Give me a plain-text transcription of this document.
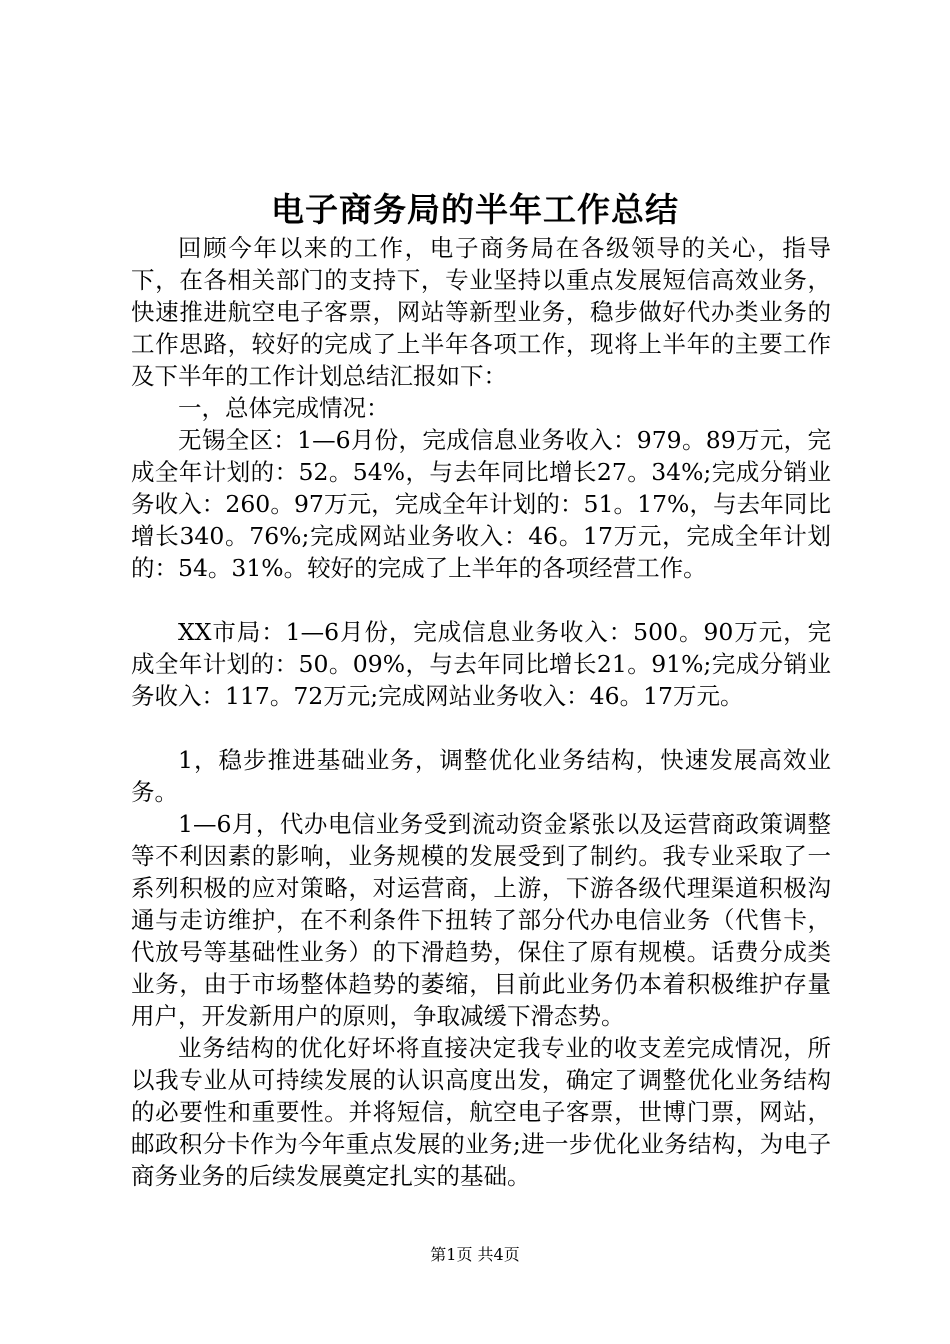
电子商务局的半年工作总结

回顾今年以来的工作，电子商务局在各级领导的关心，指导下，在各相关部门的支持下，专业坚持以重点发展短信高效业务，快速推进航空电子客票，网站等新型业务，稳步做好代办类业务的工作思路，较好的完成了上半年各项工作，现将上半年的主要工作及下半年的工作计划总结汇报如下：

一，总体完成情况：

无锡全区：1—6月份，完成信息业务收入：979。89万元，完成全年计划的：52。54%，与去年同比增长27。34%;完成分销业务收入：260。97万元，完成全年计划的：51。17%，与去年同比增长340。76%;完成网站业务收入：46。17万元，完成全年计划的：54。31%。较好的完成了上半年的各项经营工作。

XX市局：1—6月份，完成信息业务收入：500。90万元，完成全年计划的：50。09%，与去年同比增长21。91%;完成分销业务收入：117。72万元;完成网站业务收入：46。17万元。

1，稳步推进基础业务，调整优化业务结构，快速发展高效业务。

1—6月，代办电信业务受到流动资金紧张以及运营商政策调整等不利因素的影响，业务规模的发展受到了制约。我专业采取了一系列积极的应对策略，对运营商，上游，下游各级代理渠道积极沟通与走访维护，在不利条件下扭转了部分代办电信业务（代售卡，代放号等基础性业务）的下滑趋势，保住了原有规模。话费分成类业务，由于市场整体趋势的萎缩，目前此业务仍本着积极维护存量用户，开发新用户的原则，争取减缓下滑态势。

业务结构的优化好坏将直接决定我专业的收支差完成情况，所以我专业从可持续发展的认识高度出发，确定了调整优化业务结构的必要性和重要性。并将短信，航空电子客票，世博门票，网站，邮政积分卡作为今年重点发展的业务;进一步优化业务结构，为电子商务业务的后续发展奠定扎实的基础。

第1页 共4页
